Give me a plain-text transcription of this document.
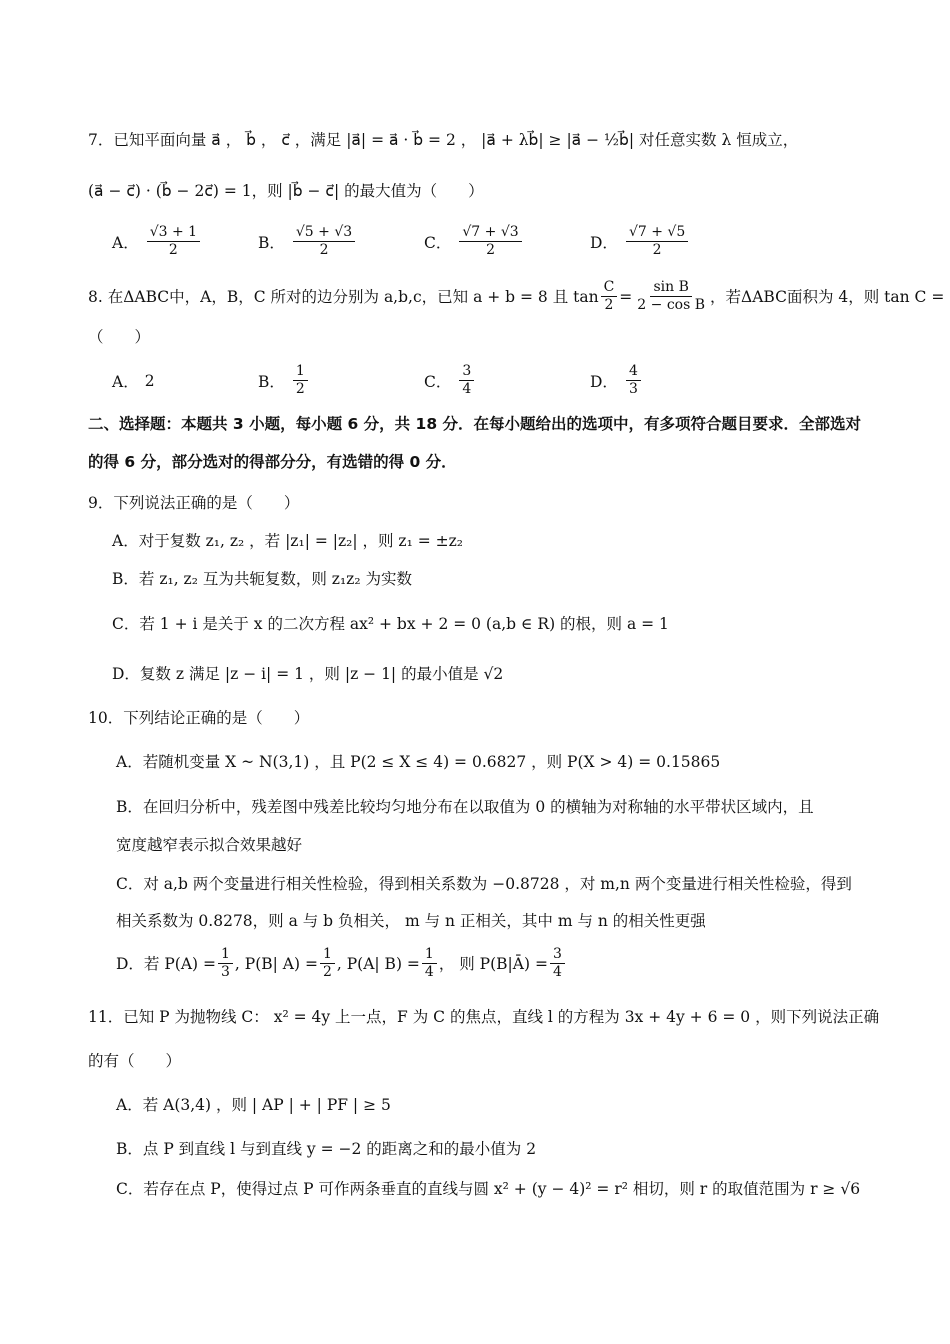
7．已知平面向量 a⃗ ， b⃗ ， c⃗ ，满足 |a⃗| = a⃗ · b⃗ = 2 ， |a⃗ + λb⃗| ≥ |a⃗ − ½b⃗| 对任意实数 λ 恒成立，
(a⃗ − c⃗) · (b⃗ − 2c⃗) = 1，则 |b⃗ − c⃗| 的最大值为（　　）
A． $\frac{√3 + 1}{2}$	B． $\frac{√5 + √3}{2}$	C． $\frac{√7 + √3}{2}$	D． $\frac{√7 + √5}{2}$
8. 在ΔABC中，A，B，C 所对的边分别为 a,b,c，已知 a + b = 8 且 $\tan \frac{C}{2} = \frac{\text{sin B}}{\text{2 − cos B}}$ ，若ΔABC面积为 4，则 tan C =
（　　）
A． 2	B． $\frac{1}{2}$	C． $\frac{3}{4}$	D． $\frac{4}{3}$
二、选择题：本题共 3 小题，每小题 6 分，共 18 分．在每小题给出的选项中，有多项符合题目要求．全部选对的得 6 分，部分选对的得部分分，有选错的得 0 分．
9．下列说法正确的是（　　）
A．对于复数 z₁, z₂ ，若 |z₁| = |z₂| ，则 z₁ = ±z₂
B．若 z₁, z₂ 互为共轭复数，则 z₁z₂ 为实数
C．若 1 + i 是关于 x 的二次方程 ax² + bx + 2 = 0 (a,b ∈ R) 的根，则 a = 1
D．复数 z 满足 |z − i| = 1 ，则 |z − 1| 的最小值是 √2
10．下列结论正确的是（　　）
A．若随机变量 X ~ N(3,1) ，且 P(2 ≤ X ≤ 4) = 0.6827 ，则 P(X > 4) = 0.15865
B．在回归分析中，残差图中残差比较均匀地分布在以取值为 0 的横轴为对称轴的水平带状区域内，且
宽度越窄表示拟合效果越好
C．对 a,b 两个变量进行相关性检验，得到相关系数为 −0.8728 ，对 m,n 两个变量进行相关性检验，得到
相关系数为 0.8278，则 a 与 b 负相关， m 与 n 正相关，其中 m 与 n 的相关性更强
D．若 $P(A) = \frac{1}{3}$ , P(B| $A) = \frac{1}{2}$ , P(A| $B) = \frac{1}{4}$ ， 则 P(B|Ā) = $\frac{3}{4}$
11．已知 P 为抛物线 C： x² = 4y 上一点，F 为 C 的焦点，直线 l 的方程为 3x + 4y + 6 = 0 ，则下列说法正确
的有（　　）
A．若 A(3,4) ，则 | AP | + | PF | ≥ 5
B．点 P 到直线 l 与到直线 y = −2 的距离之和的最小值为 2
C．若存在点 P，使得过点 P 可作两条垂直的直线与圆 x² + (y − 4)² = r² 相切，则 r 的取值范围为 r ≥ √6
